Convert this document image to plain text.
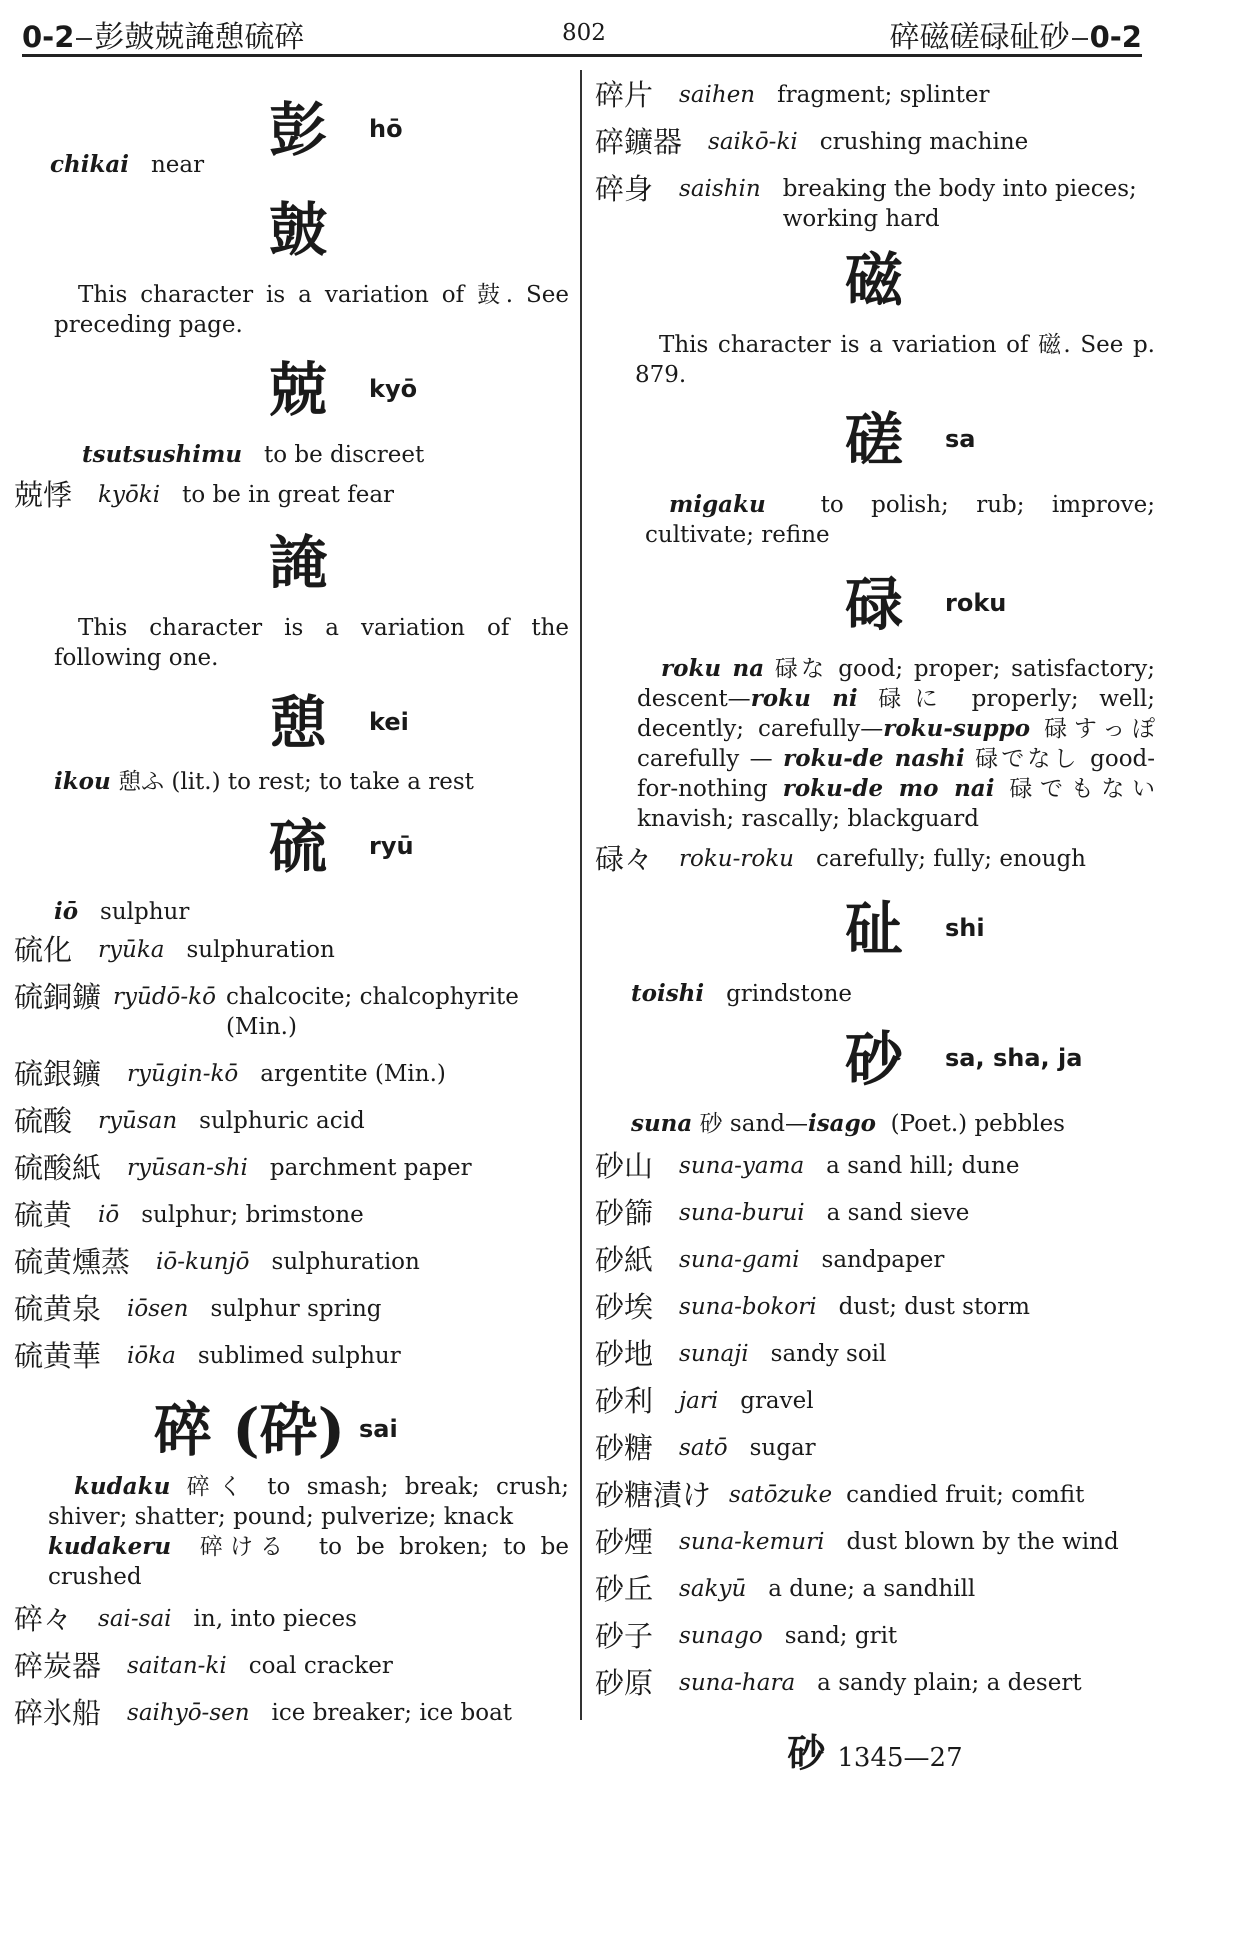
0-2 彭皷兢䛳憩硫碎	802	碎磁磋碌砋砂 0-2
彭 hō

chikai near

皷

This character is a variation of 鼓. See preceding page.

兢 kyō

tsutsushimu to be discreet

兢悸 kyōki to be in great fear
䛳

This character is a variation of the following one.

憩 kei

ikou 憩ふ (lit.) to rest; to take a rest

硫 ryū

iō sulphur

硫化 ryūka sulphuration
硫銅鑛 ryūdō-kō chalcocite; chalcophyrite (Min.)
硫銀鑛 ryūgin-kō argentite (Min.)
硫酸 ryūsan sulphuric acid
硫酸紙 ryūsan-shi parchment paper
硫黄 iō sulphur; brimstone
硫黄燻蒸 iō-kunjō sulphuration
硫黄泉 iōsen sulphur spring
硫黄華 iōka sublimed sulphur
碎 (砕) sai

kudaku 碎く to smash; break; crush; shiver; shatter; pound; pulverize; knack

kudakeru 碎ける to be broken; to be crushed

碎々 sai-sai in, into pieces
碎炭器 saitan-ki coal cracker
碎氷船 saihyō-sen ice breaker; ice boat
碎片 saihen fragment; splinter
碎鑛器 saikō-ki crushing machine
碎身 saishin breaking the body into pieces; working hard
磁

This character is a variation of 磁. See p. 879.

磋 sa

migaku to polish; rub; improve; cultivate; refine

碌 roku

roku na 碌な good; proper; satisfactory; descent—roku ni 碌に properly; well; decently; carefully—roku-suppo 碌すっぽ carefully — roku-de nashi 碌でなし good-for-nothing roku-de mo nai 碌でもない knavish; rascally; blackguard

碌々 roku-roku carefully; fully; enough
砋 shi

toishi grindstone

砂 sa, sha, ja

suna 砂 sand—isago (Poet.) pebbles

砂山 suna-yama a sand hill; dune
砂篩 suna-burui a sand sieve
砂紙 suna-gami sandpaper
砂埃 suna-bokori dust; dust storm
砂地 sunaji sandy soil
砂利 jari gravel
砂糖 satō sugar
砂糖漬け satōzuke candied fruit; comfit
砂煙 suna-kemuri dust blown by the wind
砂丘 sakyū a dune; a sandhill
砂子 sunago sand; grit
砂原 suna-hara a sandy plain; a desert
砂 1345—27
